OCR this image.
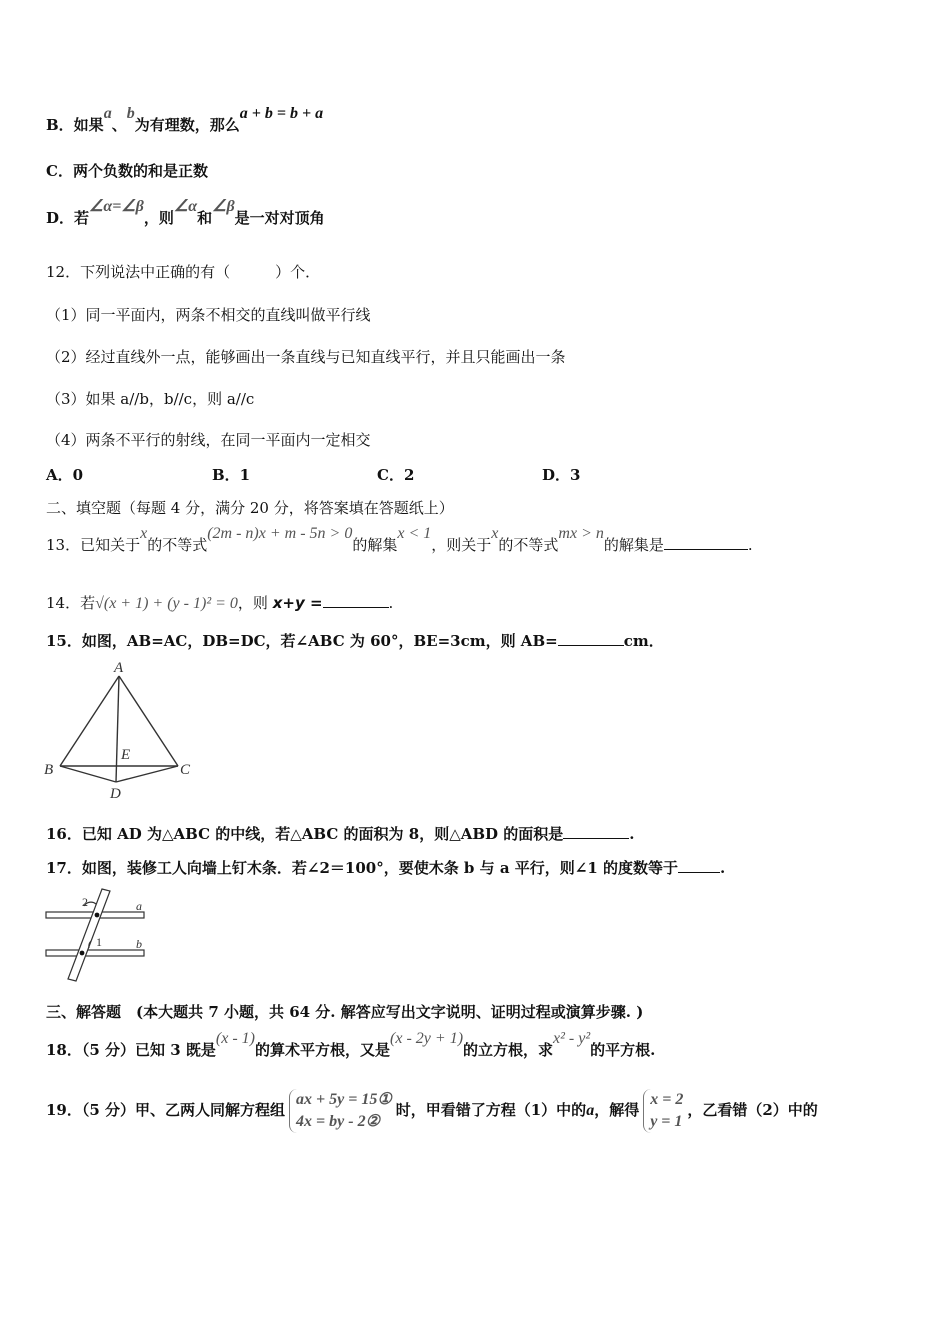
B．如果a、b为有理数，那么a + b = b + a
C．两个负数的和是正数
D．若∠α=∠β，则∠α和∠β是一对对顶角
12．下列说法中正确的有（　　　）个．
（1）同一平面内，两条不相交的直线叫做平行线
（2）经过直线外一点，能够画出一条直线与已知直线平行，并且只能画出一条
（3）如果 a//b，b//c，则 a//c
（4）两条不平行的射线，在同一平面内一定相交
A．0	B．1	C．2	D．3
二、填空题（每题 4 分，满分 20 分，将答案填在答题纸上）
13．已知关于x的不等式(2m - n)x + m - 5n > 0的解集x < 1，则关于x的不等式mx > n的解集是	.
14．若√(x + 1) + (y - 1)² = 0，则 x+y =	.
15．如图，AB=AC，DB=DC，若∠ABC 为 60°，BE=3cm，则 AB=	cm．
A
B	C
D
E
16．已知 AD 为△ABC 的中线，若△ABC 的面积为 8，则△ABD 的面积是	.
17．如图，装修工人向墙上钉木条．若∠2＝100°，要使木条 b 与 a 平行，则∠1 的度数等于	.
a
b
2
1
三、解答题　(本大题共 7 小题，共 64 分. 解答应写出文字说明、证明过程或演算步骤. )
18．（5 分）已知 3 既是(x - 1)的算术平方根，又是(x - 2y + 1)的立方根，求x² - y²的平方根.
19．（5 分）甲、乙两人同解方程组
ax + 5y = 15①
4x = by - 2②
时，甲看错了方程（1）中的a，解得
x = 2
y = 1
，乙看错（2）中的
